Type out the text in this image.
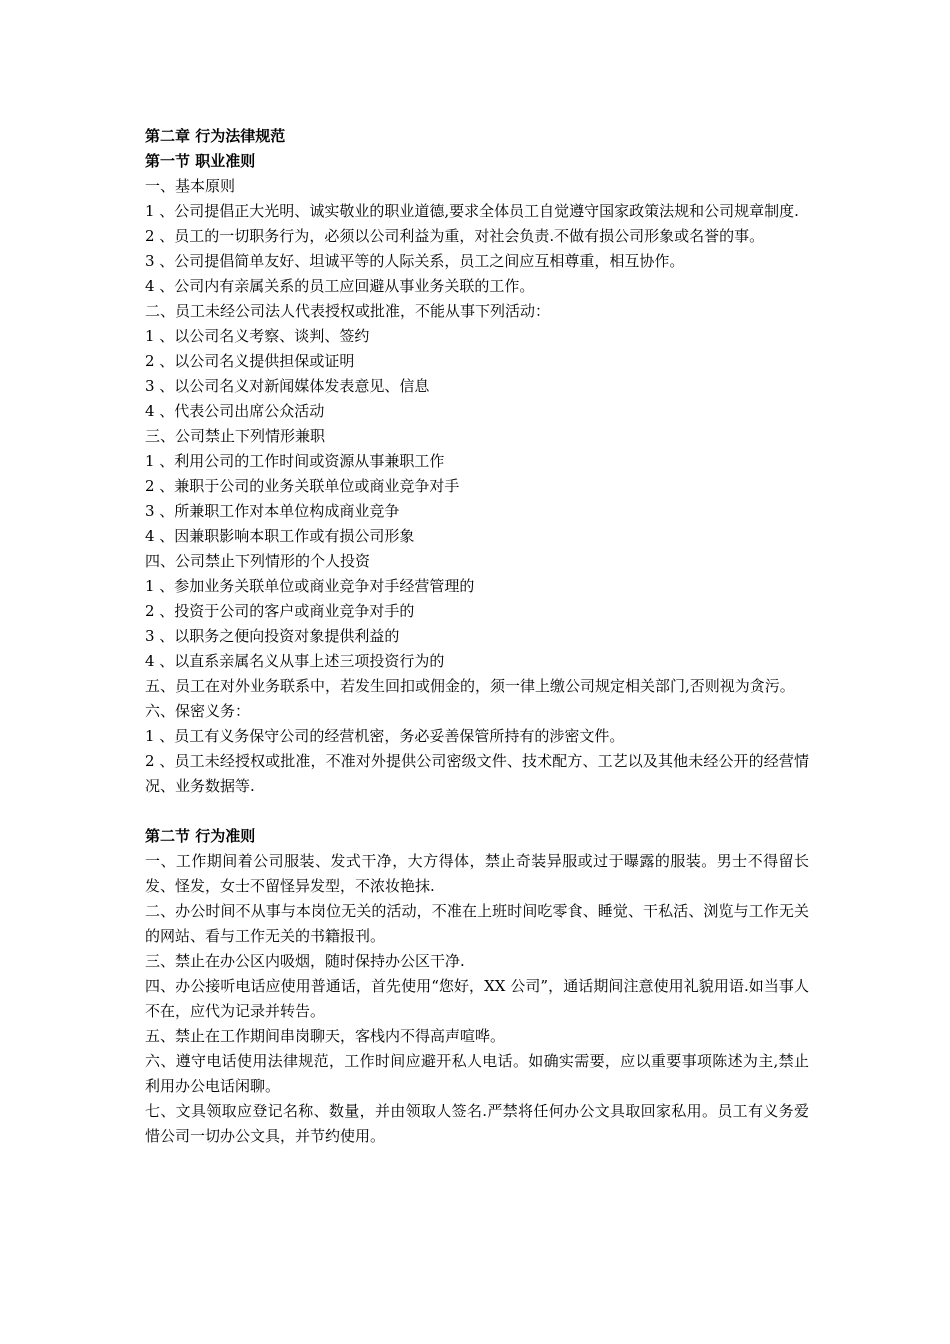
第二章 行为法律规范

第一节 职业准则

一、基本原则

1 、公司提倡正大光明、诚实敬业的职业道德,要求全体员工自觉遵守国家政策法规和公司规章制度.

2 、员工的一切职务行为，必须以公司利益为重，对社会负责.不做有损公司形象或名誉的事。

3 、公司提倡简单友好、坦诚平等的人际关系，员工之间应互相尊重，相互协作。

4 、公司内有亲属关系的员工应回避从事业务关联的工作。

二、员工未经公司法人代表授权或批准，不能从事下列活动：

1 、以公司名义考察、谈判、签约

2 、以公司名义提供担保或证明

3 、以公司名义对新闻媒体发表意见、信息

4 、代表公司出席公众活动

三、公司禁止下列情形兼职

1 、利用公司的工作时间或资源从事兼职工作

2 、兼职于公司的业务关联单位或商业竞争对手

3 、所兼职工作对本单位构成商业竞争

4 、因兼职影响本职工作或有损公司形象

四、公司禁止下列情形的个人投资

1 、参加业务关联单位或商业竞争对手经营管理的

2 、投资于公司的客户或商业竞争对手的

3 、以职务之便向投资对象提供利益的

4 、以直系亲属名义从事上述三项投资行为的

五、员工在对外业务联系中，若发生回扣或佣金的，须一律上缴公司规定相关部门,否则视为贪污。

六、保密义务：

1 、员工有义务保守公司的经营机密，务必妥善保管所持有的涉密文件。

2 、员工未经授权或批准，不准对外提供公司密级文件、技术配方、工艺以及其他未经公开的经营情况、业务数据等.

第二节 行为准则

一、工作期间着公司服装、发式干净，大方得体，禁止奇装异服或过于曝露的服装。男士不得留长发、怪发，女士不留怪异发型，不浓妆艳抹.

二、办公时间不从事与本岗位无关的活动，不准在上班时间吃零食、睡觉、干私活、浏览与工作无关的网站、看与工作无关的书籍报刊。

三、禁止在办公区内吸烟，随时保持办公区干净.

四、办公接听电话应使用普通话，首先使用“您好，XX 公司”，通话期间注意使用礼貌用语.如当事人不在，应代为记录并转告。

五、禁止在工作期间串岗聊天，客栈内不得高声喧哗。

六、遵守电话使用法律规范，工作时间应避开私人电话。如确实需要，应以重要事项陈述为主,禁止利用办公电话闲聊。

七、文具领取应登记名称、数量，并由领取人签名.严禁将任何办公文具取回家私用。员工有义务爱惜公司一切办公文具，并节约使用。
